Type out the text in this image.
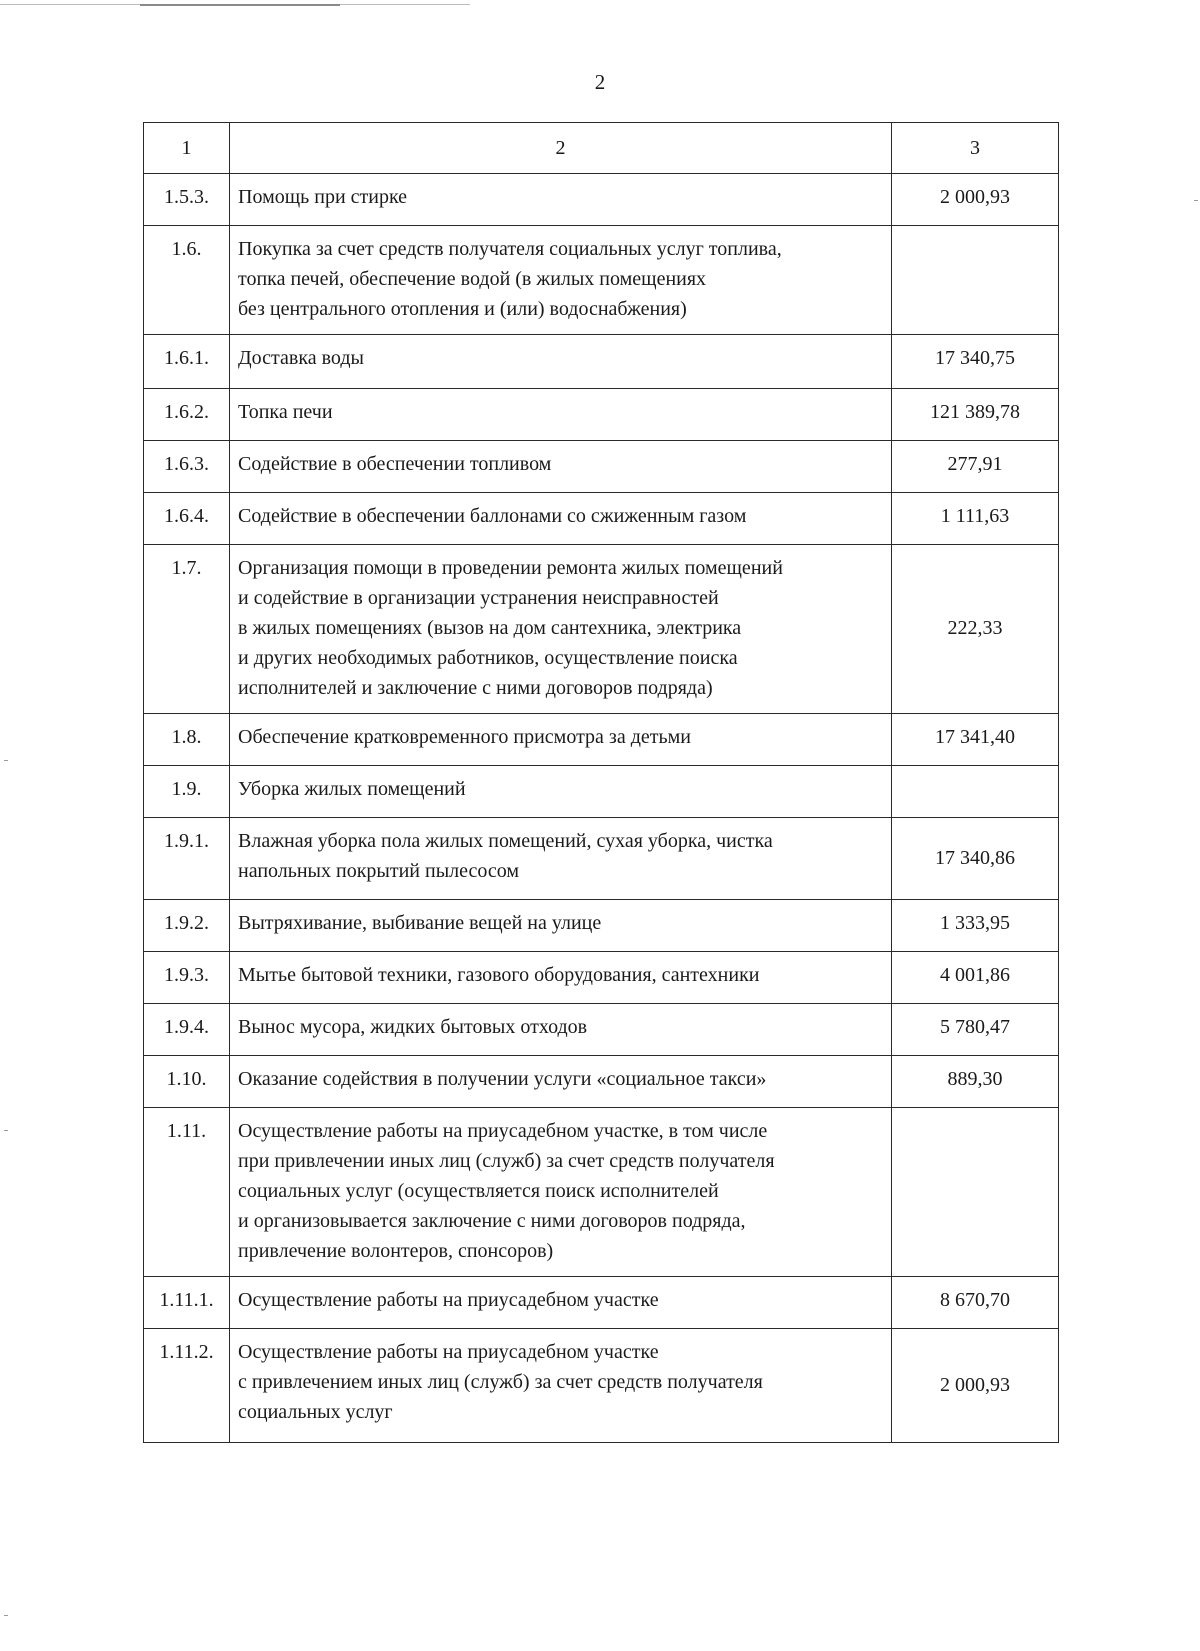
2
1	2	3
1.5.3.	Помощь при стирке	2 000,93
1.6.	Покупка за счет средств получателя социальных услуг топлива,
топка печей, обеспечение водой (в жилых помещениях
без центрального отопления и (или) водоснабжения)	
1.6.1.	Доставка воды	17 340,75
1.6.2.	Топка печи	121 389,78
1.6.3.	Содействие в обеспечении топливом	277,91
1.6.4.	Содействие в обеспечении баллонами со сжиженным газом	1 111,63
1.7.	Организация помощи в проведении ремонта жилых помещений
и содействие в организации устранения неисправностей
в жилых помещениях (вызов на дом сантехника, электрика
и других необходимых работников, осуществление поиска
исполнителей и заключение с ними договоров подряда)	222,33
1.8.	Обеспечение кратковременного присмотра за детьми	17 341,40
1.9.	Уборка жилых помещений	
1.9.1.	Влажная уборка пола жилых помещений, сухая уборка, чистка
напольных покрытий пылесосом	17 340,86
1.9.2.	Вытряхивание, выбивание вещей на улице	1 333,95
1.9.3.	Мытье бытовой техники, газового оборудования, сантехники	4 001,86
1.9.4.	Вынос мусора, жидких бытовых отходов	5 780,47
1.10.	Оказание содействия в получении услуги «социальное такси»	889,30
1.11.	Осуществление работы на приусадебном участке, в том числе
при привлечении иных лиц (служб) за счет средств получателя
социальных услуг (осуществляется поиск исполнителей
и организовывается заключение с ними договоров подряда,
привлечение волонтеров, спонсоров)	
1.11.1.	Осуществление работы на приусадебном участке	8 670,70
1.11.2.	Осуществление работы на приусадебном участке
с привлечением иных лиц (служб) за счет средств получателя
социальных услуг	2 000,93
